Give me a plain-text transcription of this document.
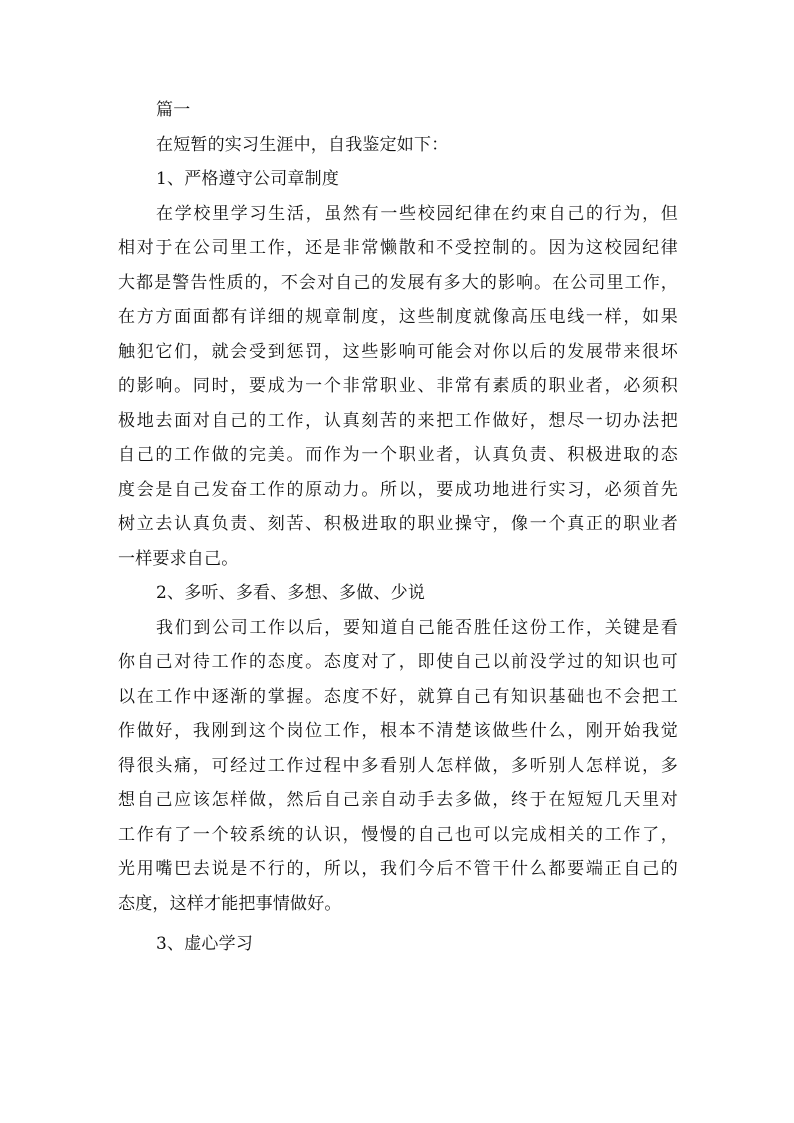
篇一
在短暂的实习生涯中，自我鉴定如下：
1、严格遵守公司章制度
在学校里学习生活，虽然有一些校园纪律在约束自己的行为，但
相对于在公司里工作，还是非常懒散和不受控制的。因为这校园纪律
大都是警告性质的，不会对自己的发展有多大的影响。在公司里工作，
在方方面面都有详细的规章制度，这些制度就像高压电线一样，如果
触犯它们，就会受到惩罚，这些影响可能会对你以后的发展带来很坏
的影响。同时，要成为一个非常职业、非常有素质的职业者，必须积
极地去面对自己的工作，认真刻苦的来把工作做好，想尽一切办法把
自己的工作做的完美。而作为一个职业者，认真负责、积极进取的态
度会是自己发奋工作的原动力。所以，要成功地进行实习，必须首先
树立去认真负责、刻苦、积极进取的职业操守，像一个真正的职业者
一样要求自己。
2、多听、多看、多想、多做、少说
我们到公司工作以后，要知道自己能否胜任这份工作，关键是看
你自己对待工作的态度。态度对了，即使自己以前没学过的知识也可
以在工作中逐渐的掌握。态度不好，就算自己有知识基础也不会把工
作做好，我刚到这个岗位工作，根本不清楚该做些什么，刚开始我觉
得很头痛，可经过工作过程中多看别人怎样做，多听别人怎样说，多
想自己应该怎样做，然后自己亲自动手去多做，终于在短短几天里对
工作有了一个较系统的认识，慢慢的自己也可以完成相关的工作了，
光用嘴巴去说是不行的，所以，我们今后不管干什么都要端正自己的
态度，这样才能把事情做好。
3、虚心学习
